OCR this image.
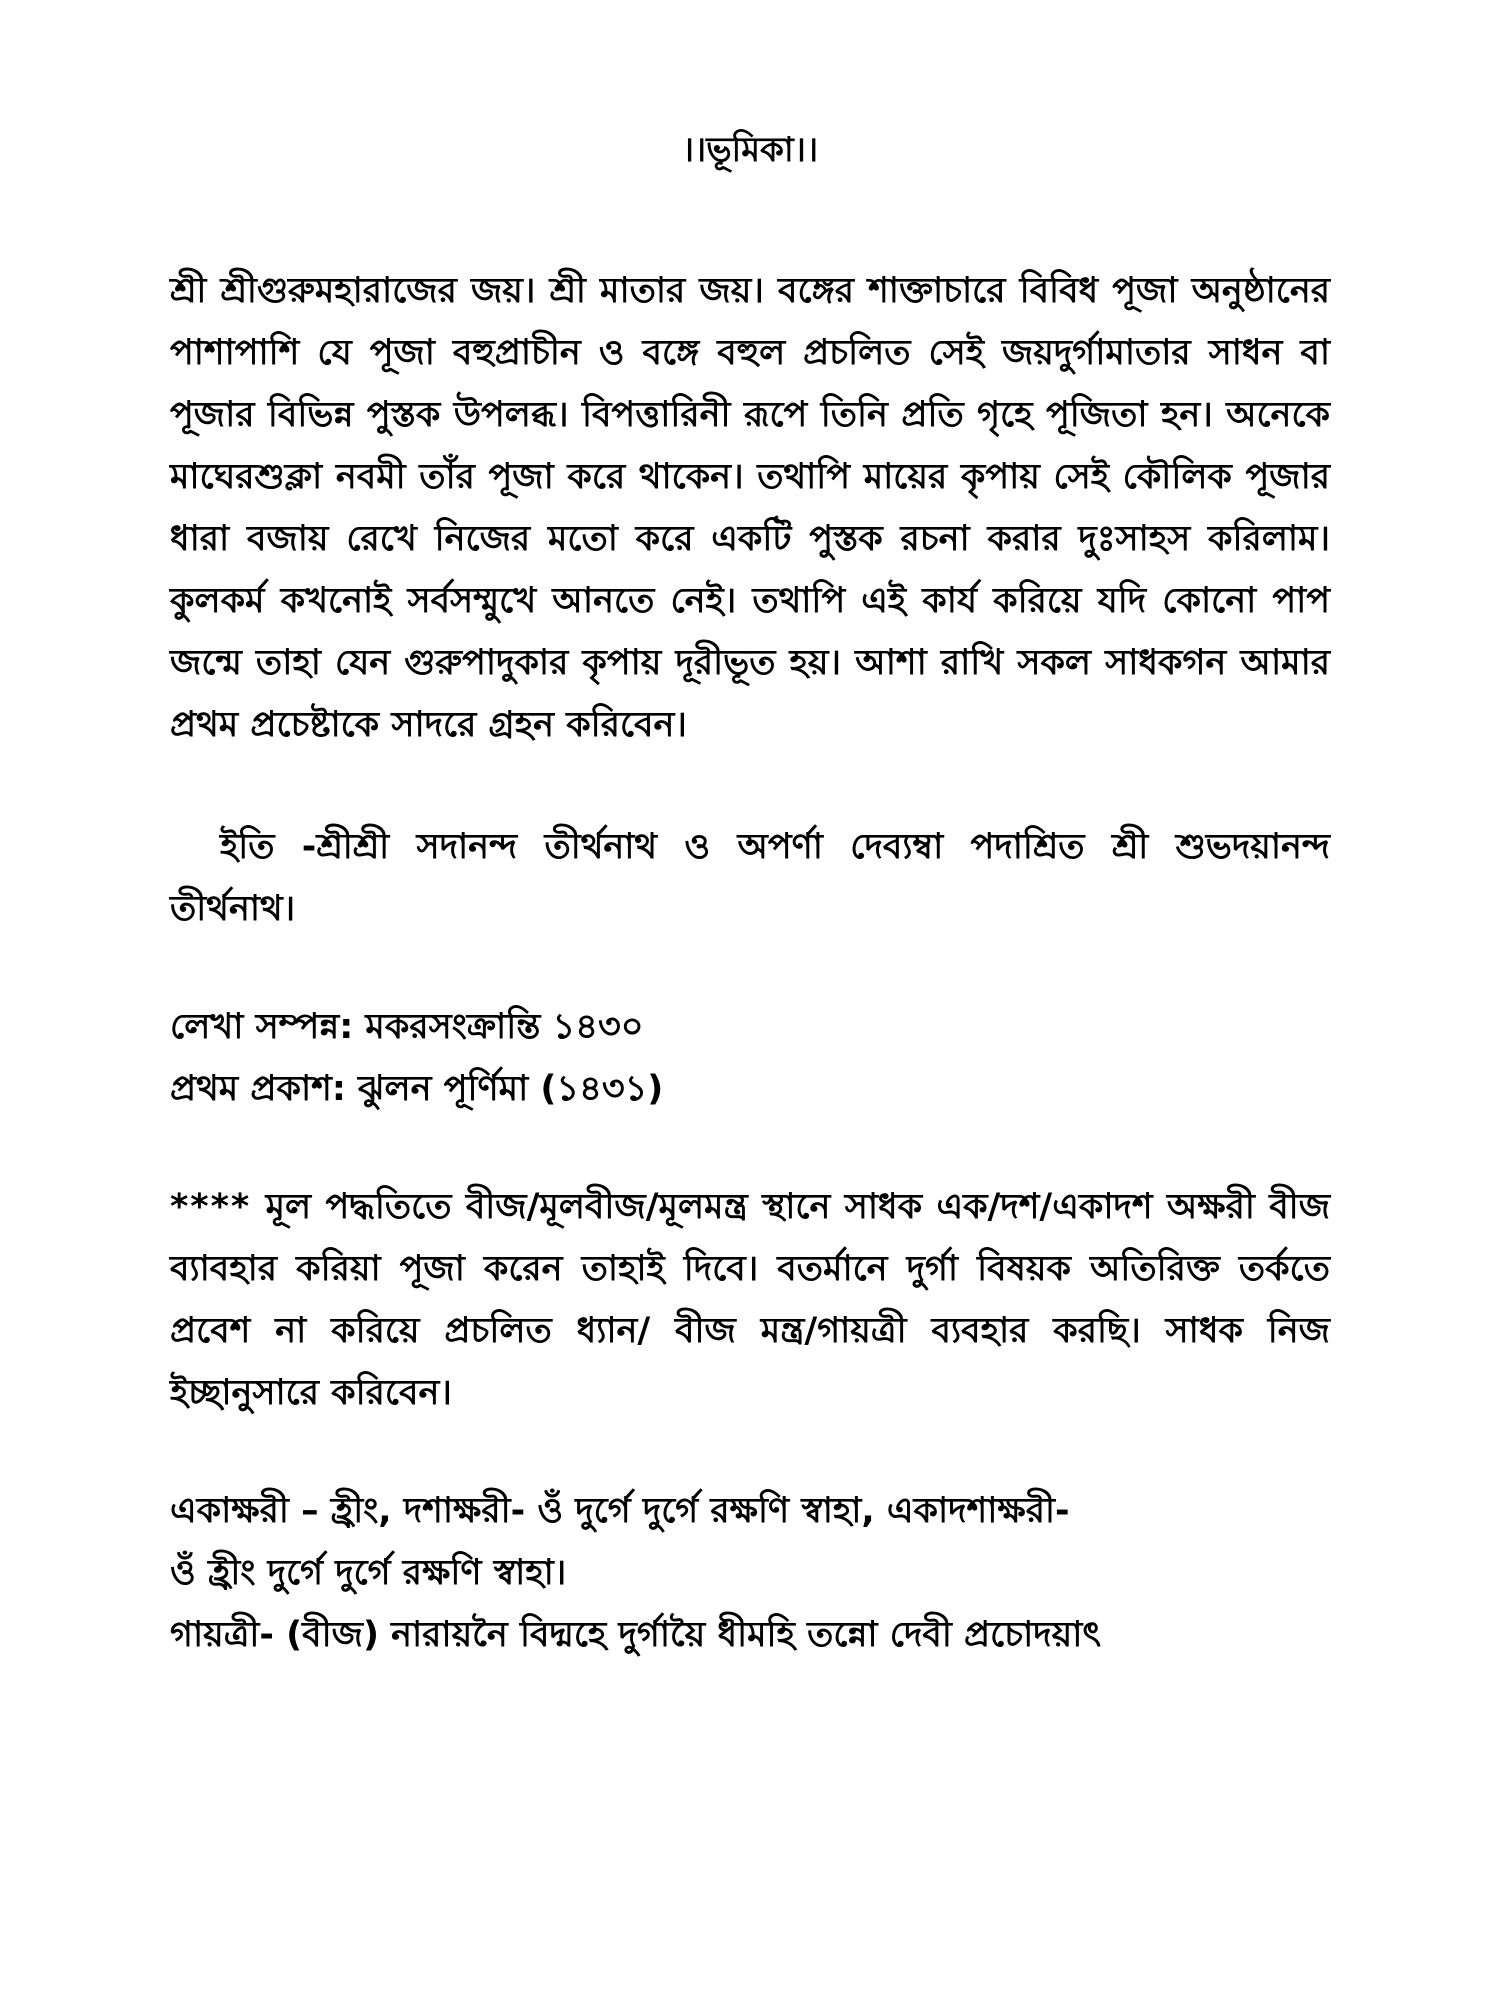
।।ভূমিকা।।

শ্রী শ্রীগুরুমহারাজের জয়। শ্রী মাতার জয়। বঙ্গের শাক্তাচারে বিবিধ পূজা অনুষ্ঠানের পাশাপাশি যে পূজা বহুপ্রাচীন ও বঙ্গে বহুল প্রচলিত সেই জয়দুর্গামাতার সাধন বা পূজার বিভিন্ন পুস্তক উপলব্ধ। বিপত্তারিনী রূপে তিনি প্রতি গৃহে পূজিতা হন। অনেকে মাঘেরশুক্লা নবমী তাঁর পূজা করে থাকেন। তথাপি মায়ের কৃপায় সেই কৌলিক পূজার ধারা বজায় রেখে নিজের মতো করে একটি পুস্তক রচনা করার দুঃসাহস করিলাম। কুলকর্ম কখনোই সর্বসম্মুখে আনতে নেই। তথাপি এই কার্য করিয়ে যদি কোনো পাপ জন্মে তাহা যেন গুরুপাদুকার কৃপায় দূরীভূত হয়। আশা রাখি সকল সাধকগন আমার প্রথম প্রচেষ্টাকে সাদরে গ্রহন করিবেন।

ইতি -শ্রীশ্রী সদানন্দ তীর্থনাথ ও অপর্ণা দেব্যম্বা পদাশ্রিত শ্রী শুভদয়ানন্দ তীর্থনাথ।

লেখা সম্পন্ন: মকরসংক্রান্তি ১৪৩০

প্রথম প্রকাশ: ঝুলন পূর্ণিমা (১৪৩১)

**** মূল পদ্ধতিতে বীজ/মূলবীজ/মূলমন্ত্র স্থানে সাধক এক/দশ/একাদশ অক্ষরী বীজ ব্যাবহার করিয়া পূজা করেন তাহাই দিবে। বতর্মানে দুর্গা বিষয়ক অতিরিক্ত তর্কতে প্রবেশ না করিয়ে প্রচলিত ধ্যান/ বীজ মন্ত্র/গায়ত্রী ব্যবহার করছি। সাধক নিজ ইচ্ছানুসারে করিবেন।

একাক্ষরী – হ্রীং, দশাক্ষরী- ওঁ দুর্গে দুর্গে রক্ষণি স্বাহা, একাদশাক্ষরী-

ওঁ হ্রীং দুর্গে দুর্গে রক্ষণি স্বাহা।

গায়ত্রী- (বীজ) নারায়নৈ বিদ্মহে দুর্গায়ৈ ধীমহি তন্নো দেবী প্রচোদয়াৎ
